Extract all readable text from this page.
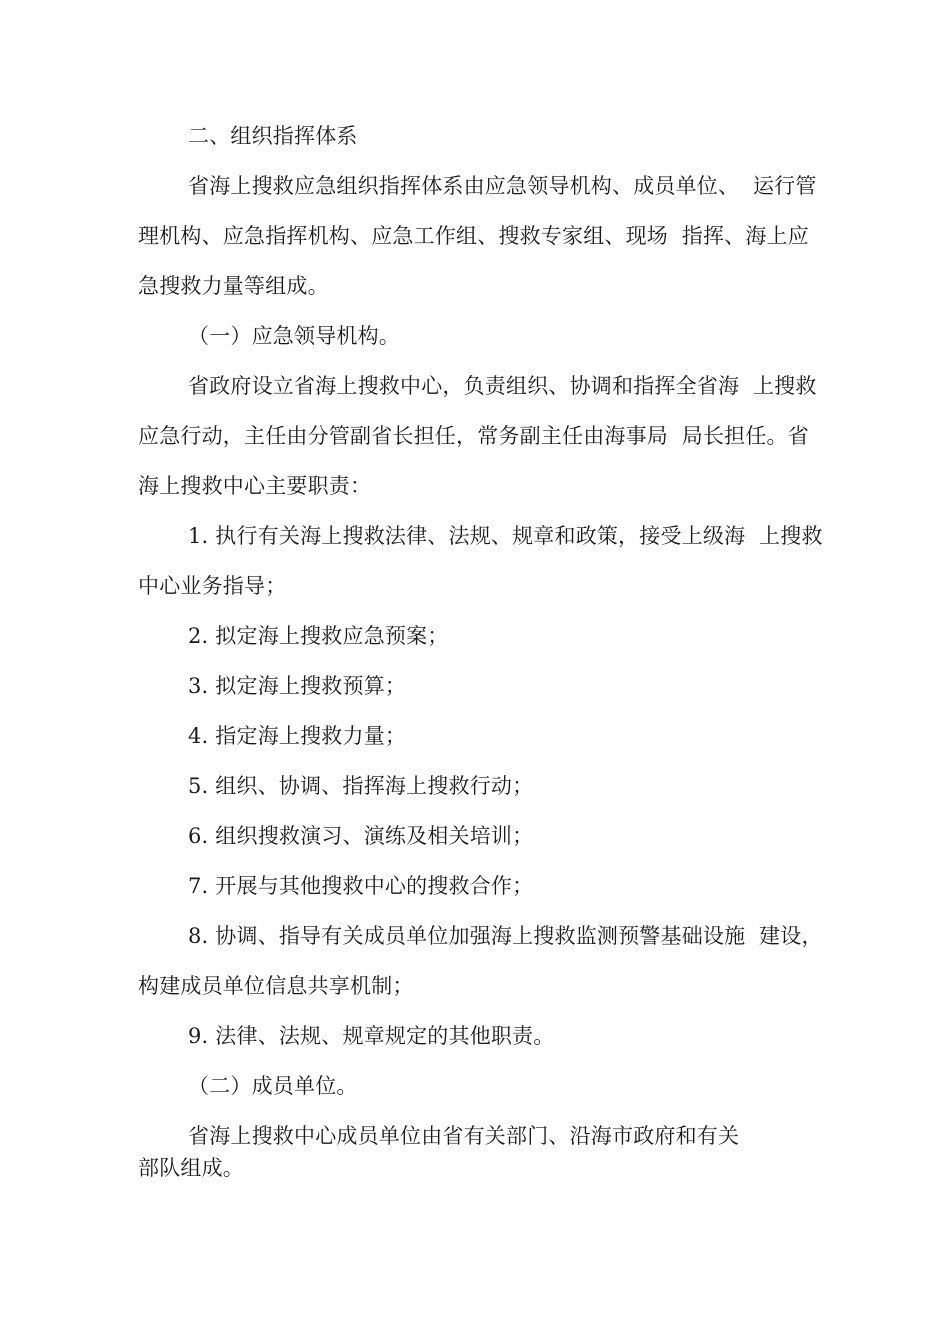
二、组织指挥体系
省海上搜救应急组织指挥体系由应急领导机构、成员单位、  运行管
理机构、应急指挥机构、应急工作组、搜救专家组、现场  指挥、海上应
急搜救力量等组成。
（一）应急领导机构。
省政府设立省海上搜救中心，负责组织、协调和指挥全省海  上搜救
应急行动，主任由分管副省长担任，常务副主任由海事局  局长担任。省
海上搜救中心主要职责：
1. 执行有关海上搜救法律、法规、规章和政策，接受上级海  上搜救
中心业务指导；
2. 拟定海上搜救应急预案；
3. 拟定海上搜救预算；
4. 指定海上搜救力量；
5. 组织、协调、指挥海上搜救行动；
6. 组织搜救演习、演练及相关培训；
7. 开展与其他搜救中心的搜救合作；
8. 协调、指导有关成员单位加强海上搜救监测预警基础设施  建设，
构建成员单位信息共享机制；
9. 法律、法规、规章规定的其他职责。
（二）成员单位。
省海上搜救中心成员单位由省有关部门、沿海市政府和有关
部队组成。
